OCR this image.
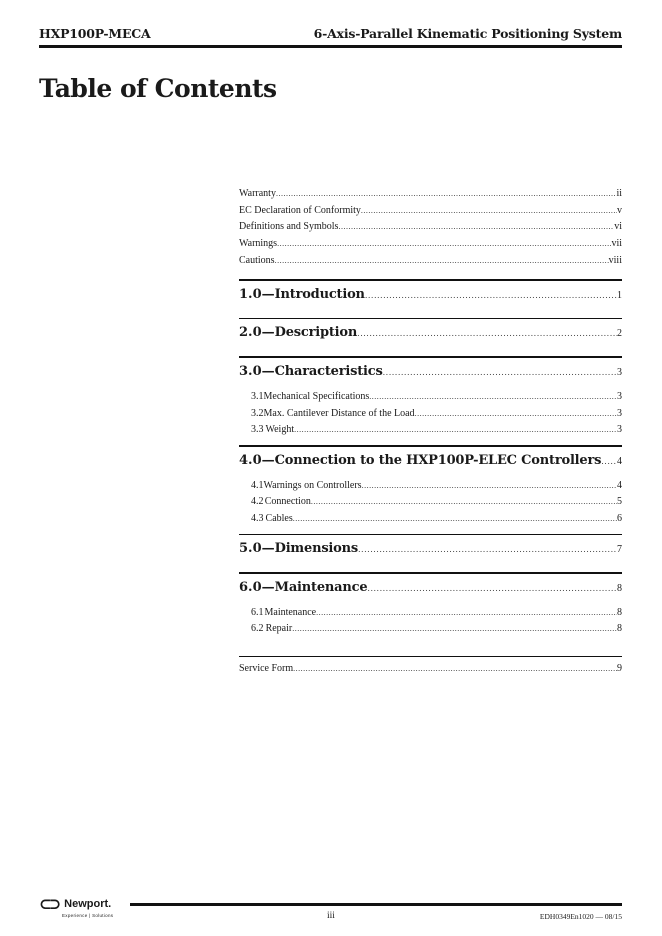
HXP100P-MECA	6-Axis-Parallel Kinematic Positioning System
Table of Contents
Warranty .....	ii
EC Declaration of Conformity .....	v
Definitions and Symbols .....	vi
Warnings .....	vii
Cautions .....	viii
1.0 — Introduction .....	1
2.0 — Description .....	2
3.0 — Characteristics .....	3
3.1 Mechanical Specifications .....	3
3.2 Max. Cantilever Distance of the Load .....	3
3.3 Weight .....	3
4.0 — Connection to the HXP100P-ELEC Controllers ..... 4
4.1 Warnings on Controllers .....	4
4.2 Connection .....	5
4.3 Cables .....	6
5.0 — Dimensions .....	7
6.0 — Maintenance .....	8
6.1 Maintenance .....	8
6.2 Repair .....	8
Service Form .....	9
⊂⊃ Newport.
Experience | Solutions	iii	EDH0349En1020 — 08/15
